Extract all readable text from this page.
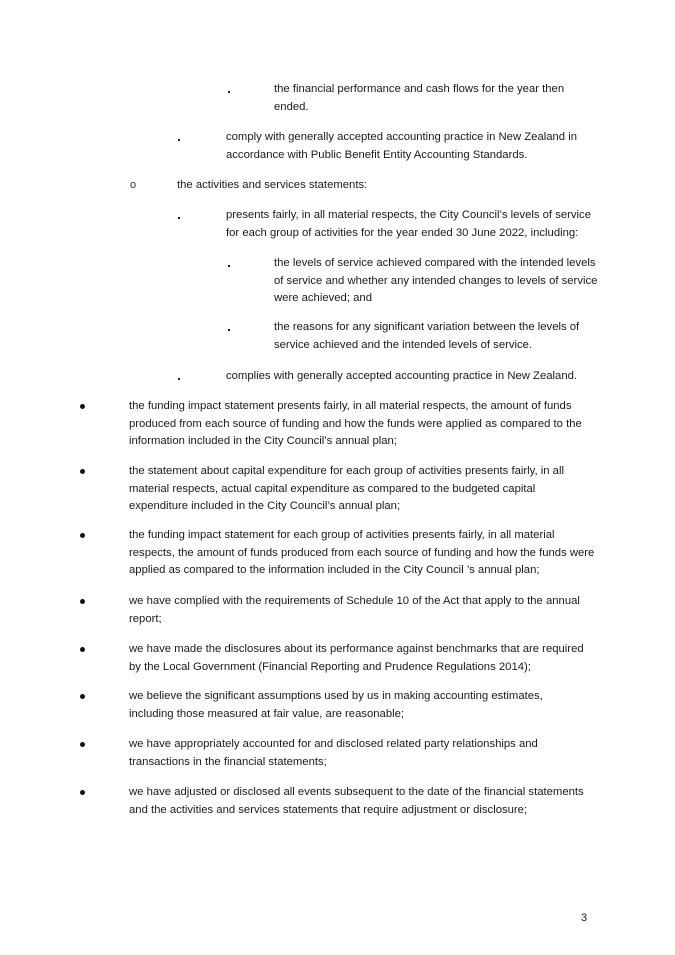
the financial performance and cash flows for the year then ended.
comply with generally accepted accounting practice in New Zealand in accordance with Public Benefit Entity Accounting Standards.
o	the activities and services statements:
presents fairly, in all material respects, the City Council’s levels of service for each group of activities for the year ended 30 June 2022, including:
the levels of service achieved compared with the intended levels of service and whether any intended changes to levels of service were achieved; and
the reasons for any significant variation between the levels of service achieved and the intended levels of service.
complies with generally accepted accounting practice in New Zealand.
the funding impact statement presents fairly, in all material respects, the amount of funds produced from each source of funding and how the funds were applied as compared to the information included in the City Council’s annual plan;
the statement about capital expenditure for each group of activities presents fairly, in all material respects, actual capital expenditure as compared to the budgeted capital expenditure included in the City Council’s annual plan;
the funding impact statement for each group of activities presents fairly, in all material respects, the amount of funds produced from each source of funding and how the funds were applied as compared to the information included in the City Council ’s annual plan;
we have complied with the requirements of Schedule 10 of the Act that apply to the annual report;
we have made the disclosures about its performance against benchmarks that are required by the Local Government (Financial Reporting and Prudence Regulations 2014);
we believe the significant assumptions used by us in making accounting estimates, including those measured at fair value, are reasonable;
we have appropriately accounted for and disclosed related party relationships and transactions in the financial statements;
we have adjusted or disclosed all events subsequent to the date of the financial statements and the activities and services statements that require adjustment or disclosure;
3
